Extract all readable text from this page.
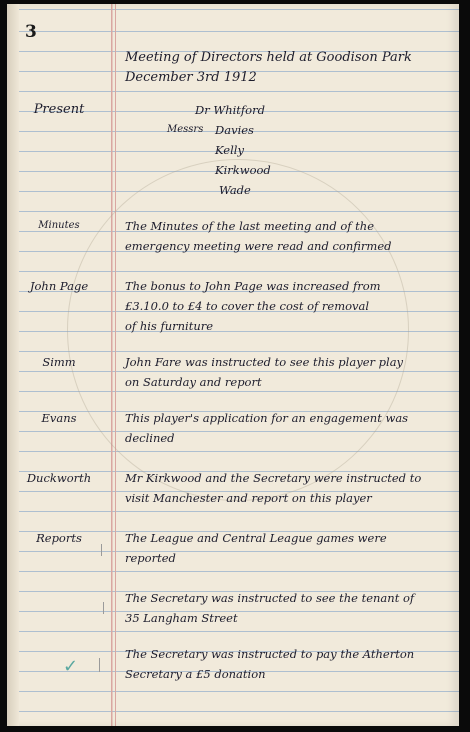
3
Meeting of Directors held at Goodison Park
December 3rd 1912
Present	Dr Whitford
Messrs Davies
Kelly
Kirkwood
Wade
Minutes	The Minutes of the last meeting and of the
emergency meeting were read and confirmed
John Page	The bonus to John Page was increased from
£3.10.0 to £4 to cover the cost of removal
of his furniture
Simm	John Fare was instructed to see this player play
on Saturday and report
Evans	This player's application for an engagement was
declined
Duckworth	Mr Kirkwood and the Secretary were instructed to
visit Manchester and report on this player
Reports	The League and Central League games were
reported
The Secretary was instructed to see the tenant of
35 Langham Street
The Secretary was instructed to pay the Atherton
Secretary a £5 donation
✓
